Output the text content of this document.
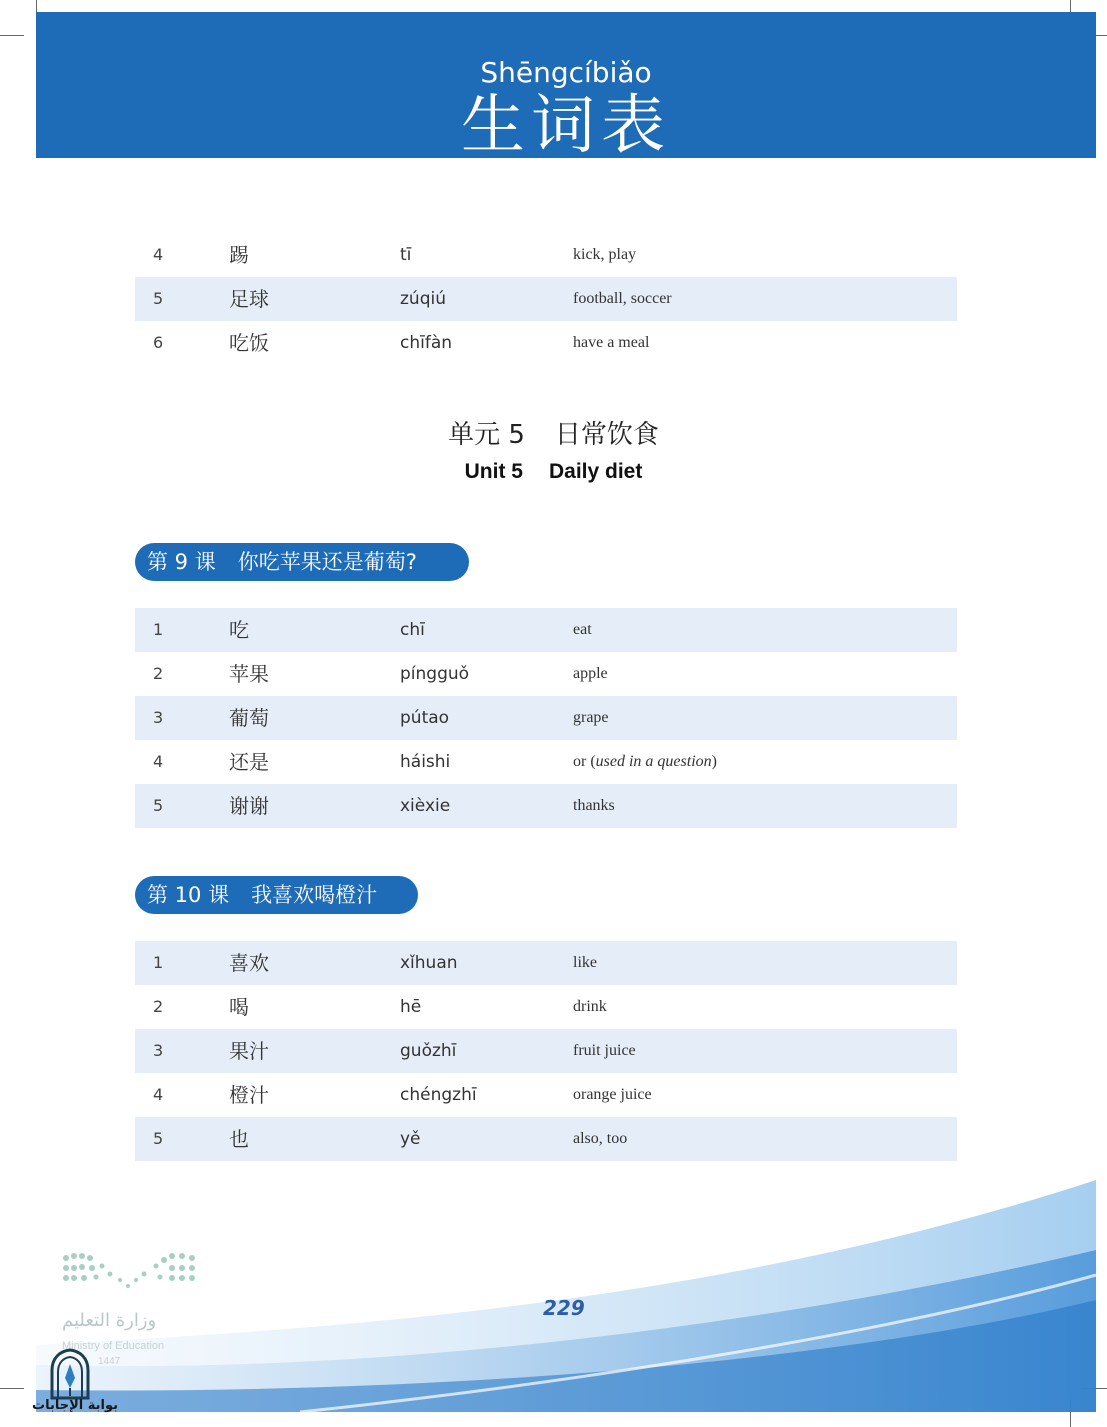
Shēngcíbiǎo
生词表
4	踢	tī	kick, play
5	足球	zúqiú	football, soccer
6	吃饭	chīfàn	have a meal
单元 5 日常饮食
Unit 5 Daily diet
第 9 课 你吃苹果还是葡萄?
1	吃	chī	eat
2	苹果	píngguǒ	apple
3	葡萄	pútao	grape
4	还是	háishi	or (used in a question)
5	谢谢	xièxie	thanks
第 10 课 我喜欢喝橙汁
1	喜欢	xǐhuan	like
2	喝	hē	drink
3	果汁	guǒzhī	fruit juice
4	橙汁	chéngzhī	orange juice
5	也	yě	also, too
وزارة التعليم
Ministry of Education
1447
229
بوابة الإجابات
